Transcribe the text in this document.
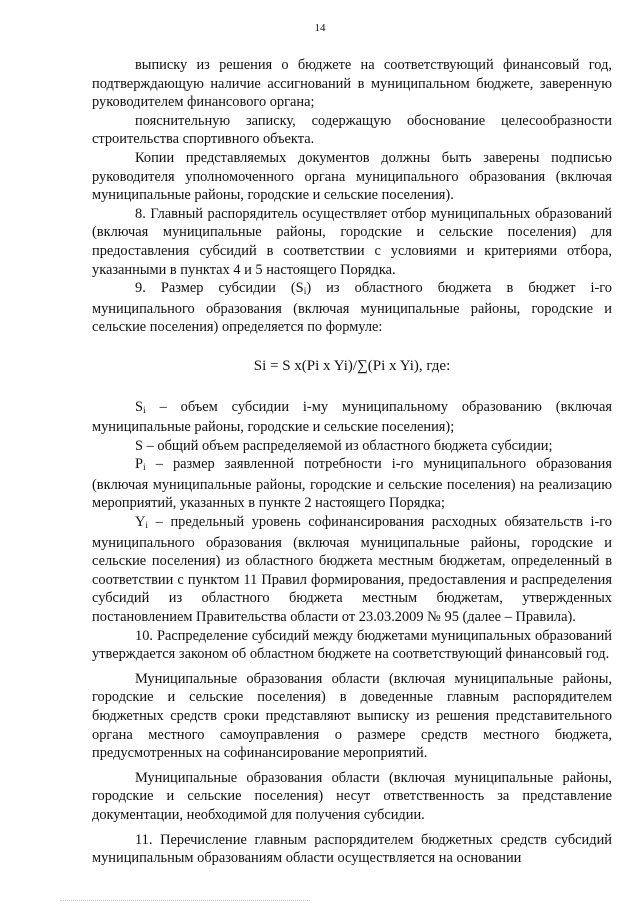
14

выписку из решения о бюджете на соответствующий финансовый год, подтверждающую наличие ассигнований в муниципальном бюджете, заверенную руководителем финансового органа;

пояснительную записку, содержащую обоснование целесообразности строительства спортивного объекта.

Копии представляемых документов должны быть заверены подписью руководителя уполномоченного органа муниципального образования (включая муниципальные районы, городские и сельские поселения).

8. Главный распорядитель осуществляет отбор муниципальных образований (включая муниципальные районы, городские и сельские поселения) для предоставления субсидий в соответствии с условиями и критериями отбора, указанными в пунктах 4 и 5 настоящего Порядка.

9. Размер субсидии (Si) из областного бюджета в бюджет i-го муниципального образования (включая муниципальные районы, городские и сельские поселения) определяется по формуле:

Si = S x(Pi x Yi)/∑(Pi x Yi), где:

Si – объем субсидии i-му муниципальному образованию (включая муниципальные районы, городские и сельские поселения);

S – общий объем распределяемой из областного бюджета субсидии;

Pi – размер заявленной потребности i-го муниципального образования (включая муниципальные районы, городские и сельские поселения) на реализацию мероприятий, указанных в пункте 2 настоящего Порядка;

Yi – предельный уровень софинансирования расходных обязательств i-го муниципального образования (включая муниципальные районы, городские и сельские поселения) из областного бюджета местным бюджетам, определенный в соответствии с пунктом 11 Правил формирования, предоставления и распределения субсидий из областного бюджета местным бюджетам, утвержденных постановлением Правительства области от 23.03.2009 № 95 (далее – Правила).

10. Распределение субсидий между бюджетами муниципальных образований утверждается законом об областном бюджете на соответствующий финансовый год.

Муниципальные образования области (включая муниципальные районы, городские и сельские поселения) в доведенные главным распорядителем бюджетных средств сроки представляют выписку из решения представительного органа местного самоуправления о размере средств местного бюджета, предусмотренных на софинансирование мероприятий.

Муниципальные образования области (включая муниципальные районы, городские и сельские поселения) несут ответственность за представление документации, необходимой для получения субсидии.

11. Перечисление главным распорядителем бюджетных средств субсидий муниципальным образованиям области осуществляется на основании
